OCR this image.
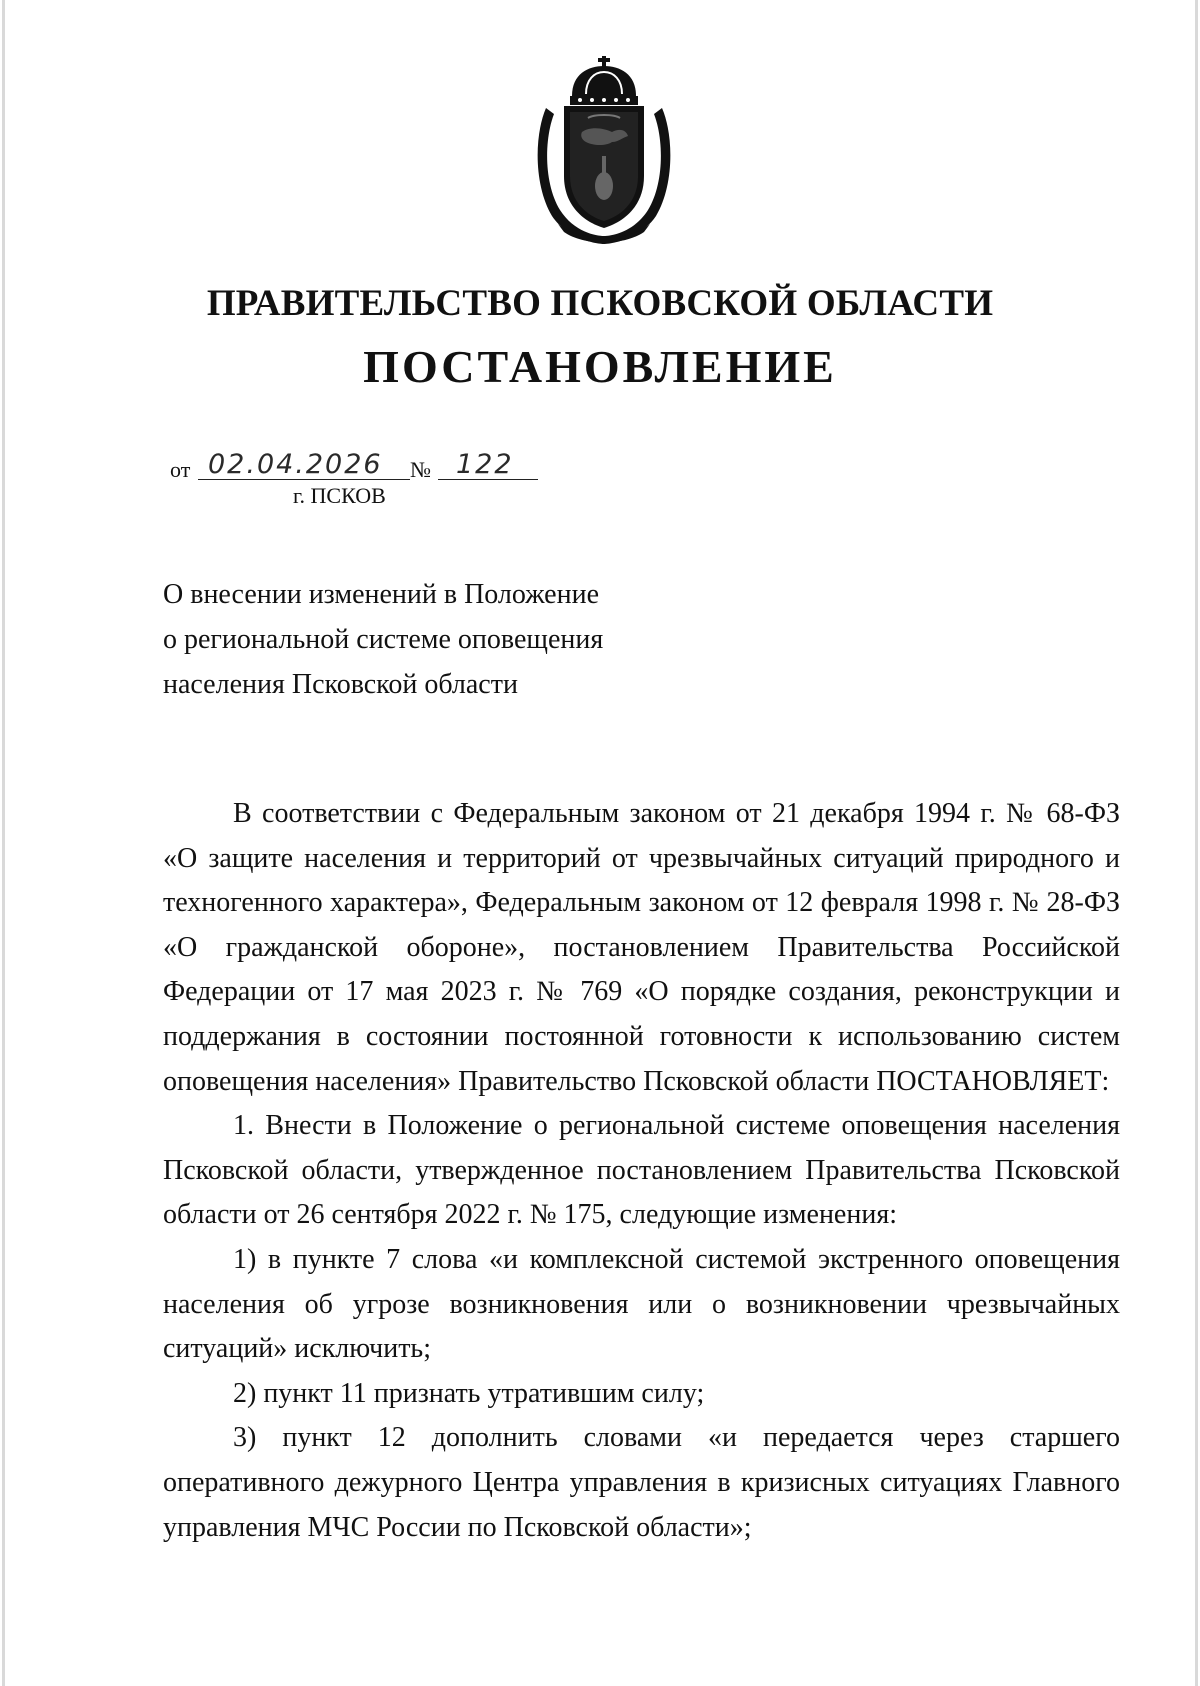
ПРАВИТЕЛЬСТВО ПСКОВСКОЙ ОБЛАСТИ
ПОСТАНОВЛЕНИЕ
от 02.04.2026	№ 122
г. ПСКОВ
О внесении изменений в Положение
о региональной системе оповещения
населения Псковской области

В соответствии с Федеральным законом от 21 декабря 1994 г. № 68-ФЗ «О защите населения и территорий от чрезвычайных ситуаций природного и техногенного характера», Федеральным законом от 12 февраля 1998 г. № 28-ФЗ «О гражданской обороне», постановлением Правительства Российской Федерации от 17 мая 2023 г. № 769 «О порядке создания, реконструкции и поддержания в состоянии постоянной готовности к использованию систем оповещения населения» Правительство Псковской области ПОСТАНОВЛЯЕТ:

1. Внести в Положение о региональной системе оповещения населения Псковской области, утвержденное постановлением Правительства Псковской области от 26 сентября 2022 г. № 175, следующие изменения:

1) в пункте 7 слова «и комплексной системой экстренного оповещения населения об угрозе возникновения или о возникновении чрезвычайных ситуаций» исключить;

2) пункт 11 признать утратившим силу;

3) пункт 12 дополнить словами «и передается через старшего оперативного дежурного Центра управления в кризисных ситуациях Главного управления МЧС России по Псковской области»;
